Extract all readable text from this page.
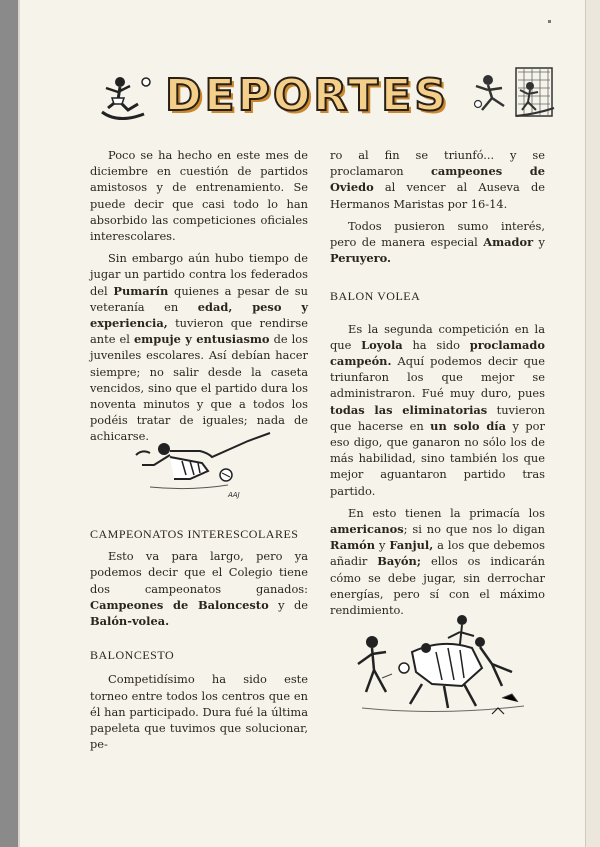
DEPORTES

Poco se ha hecho en este mes de diciembre en cuestión de partidos amistosos y de entrenamiento. Se puede decir que casi todo lo han absorbido las competiciones oficiales interescolares.

Sin embargo aún hubo tiempo de jugar un partido contra los federados del Pumarín quienes a pesar de su veteranía en edad, peso y experiencia, tuvieron que rendirse ante el empuje y entusiasmo de los juveniles escolares. Así debían hacer siempre; no salir desde la caseta vencidos, sino que el partido dura los noventa minutos y que a todos los podéis tratar de iguales; nada de achicarse.

AAJ

CAMPEONATOS INTERESCOLARES

Esto va para largo, pero ya podemos decir que el Colegio tiene dos campeonatos ganados: Campeones de Baloncesto y de Balón-volea.

BALONCESTO

Competidísimo ha sido este torneo entre todos los centros que en él han participado. Dura fué la última papeleta que tuvimos que solucionar, pe-

ro al fin se triunfó... y se proclamaron campeones de Oviedo al vencer al Auseva de Hermanos Maristas por 16-14.

Todos pusieron sumo interés, pero de manera especial Amador y Peruyero.

BALON VOLEA

Es la segunda competición en la que Loyola ha sido proclamado campeón. Aquí podemos decir que triunfaron los que mejor se administraron. Fué muy duro, pues todas las eliminatorias tuvieron que hacerse en un solo día y por eso digo, que ganaron no sólo los de más habilidad, sino también los que mejor aguantaron partido tras partido.

En esto tienen la primacía los americanos; si no que nos lo digan Ramón y Fanjul, a los que debemos añadir Bayón; ellos os indicarán cómo se debe jugar, sin derrochar energías, pero sí con el máximo rendimiento.
